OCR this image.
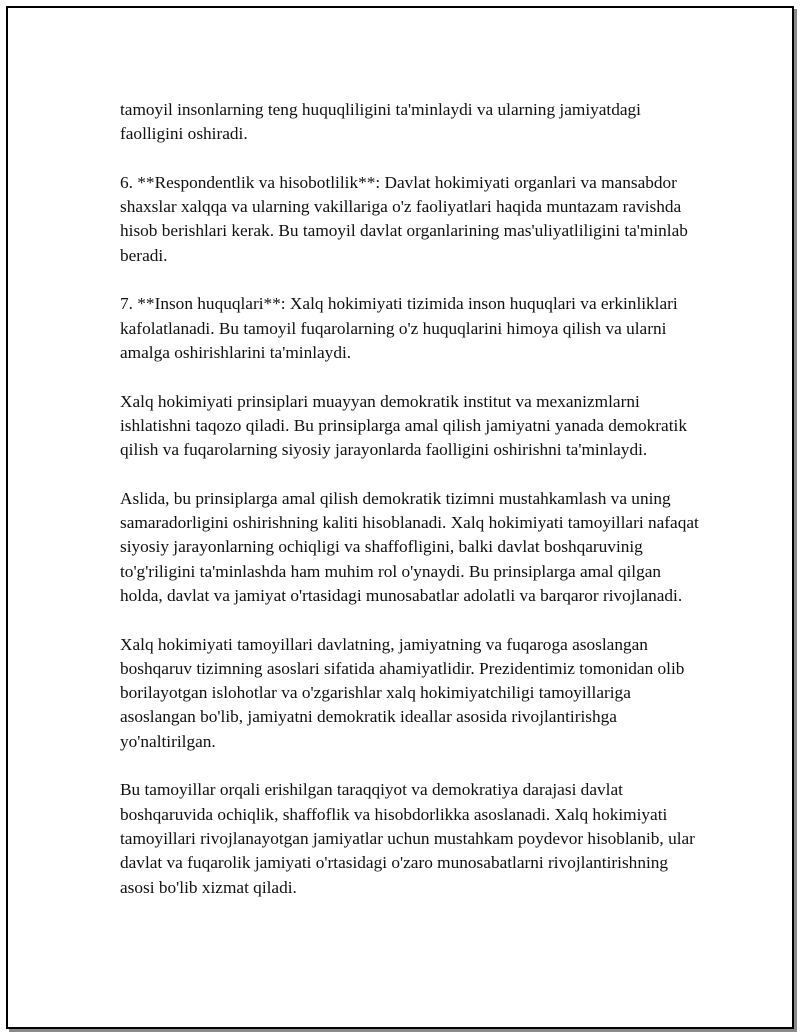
tamoyil insonlarning teng huquqliligini ta'minlaydi va ularning jamiyatdagi faolligini oshiradi.

6. **Respondentlik va hisobotlilik**: Davlat hokimiyati organlari va mansabdor shaxslar xalqqa va ularning vakillariga o'z faoliyatlari haqida muntazam ravishda hisob berishlari kerak. Bu tamoyil davlat organlarining mas'uliyatliligini ta'minlab beradi.

7. **Inson huquqlari**: Xalq hokimiyati tizimida inson huquqlari va erkinliklari kafolatlanadi. Bu tamoyil fuqarolarning o'z huquqlarini himoya qilish va ularni amalga oshirishlarini ta'minlaydi.

Xalq hokimiyati prinsiplari muayyan demokratik institut va mexanizmlarni ishlatishni taqozo qiladi. Bu prinsiplarga amal qilish jamiyatni yanada demokratik qilish va fuqarolarning siyosiy jarayonlarda faolligini oshirishni ta'minlaydi.

Aslida, bu prinsiplarga amal qilish demokratik tizimni mustahkamlash va uning samaradorligini oshirishning kaliti hisoblanadi. Xalq hokimiyati tamoyillari nafaqat siyosiy jarayonlarning ochiqligi va shaffofligini, balki davlat boshqaruvinig to'g'riligini ta'minlashda ham muhim rol o'ynaydi. Bu prinsiplarga amal qilgan holda, davlat va jamiyat o'rtasidagi munosabatlar adolatli va barqaror rivojlanadi.

Xalq hokimiyati tamoyillari davlatning, jamiyatning va fuqaroga asoslangan boshqaruv tizimning asoslari sifatida ahamiyatlidir. Prezidentimiz tomonidan olib borilayotgan islohotlar va o'zgarishlar xalq hokimiyatchiligi tamoyillariga asoslangan bo'lib, jamiyatni demokratik ideallar asosida rivojlantirishga yo'naltirilgan.

Bu tamoyillar orqali erishilgan taraqqiyot va demokratiya darajasi davlat boshqaruvida ochiqlik, shaffoflik va hisobdorlikka asoslanadi. Xalq hokimiyati tamoyillari rivojlanayotgan jamiyatlar uchun mustahkam poydevor hisoblanib, ular davlat va fuqarolik jamiyati o'rtasidagi o'zaro munosabatlarni rivojlantirishning asosi bo'lib xizmat qiladi.
